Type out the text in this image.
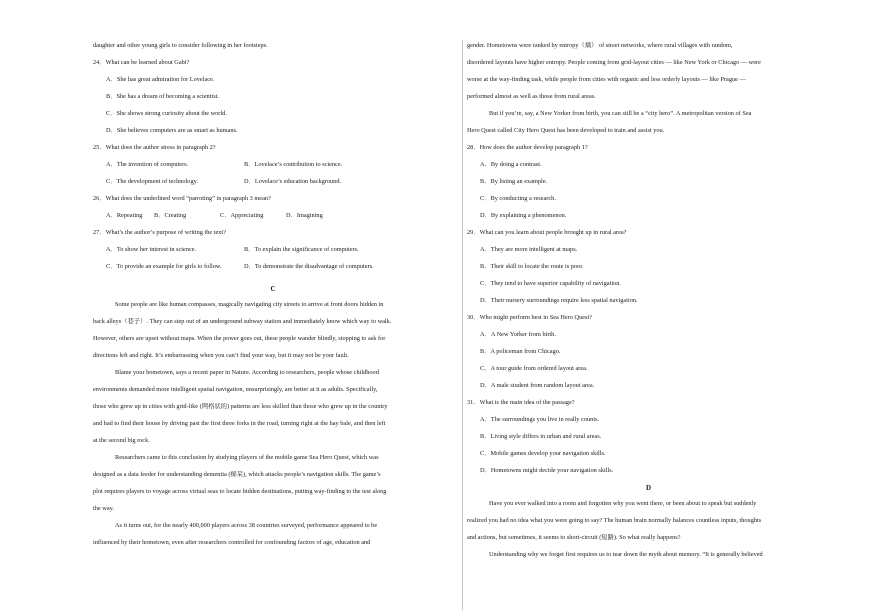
daughter and other young girls to consider following in her footsteps.

24．What can be learned about Gabi?

A．She has great admiration for Lovelace.

B．She has a dream of becoming a scientist.

C．She shows strong curiosity about the world.

D．She believes computers are as smart as humans.

25．What does the author stress in paragraph 2?

A．The invention of computers.	B．Lovelace’s contribution to science.
C．The development of technology.	D．Lovelace’s education background.

26．What does the underlined word “parroting” in paragraph 3 mean?

A．Repeating	B．Creating	C．Appreciating	D．Imagining

27．What’s the author’s purpose of writing the text?

A．To show her interest in science.	B．To explain the significance of computers.
C．To provide an example for girls to follow.	D．To demonstrate the disadvantage of computers.
C
Some people are like human compasses, magically navigating city streets to arrive at front doors hidden in
back alleys（巷子）. They can step out of an underground subway station and immediately know which way to walk.
However, others are upset without maps. When the power goes out, these people wander blindly, stopping to ask for
directions left and right. It’s embarrassing when you can’t find your way, but it may not be your fault.
Blame your hometown, says a recent paper in Nature. According to researchers, people whose childhood
environments demanded more intelligent spatial navigation, unsurprisingly, are better at it as adults. Specifically,
those who grew up in cities with grid-like (网格状的) patterns are less skilled than those who grew up in the country
and had to find their house by driving past the first three forks in the road, turning right at the hay bale, and then left
at the second big rock.
Researchers came to this conclusion by studying players of the mobile game Sea Hero Quest, which was
designed as a data feeder for understanding dementia (痴呆), which attacks people’s navigation skills. The game’s
plot requires players to voyage across virtual seas to locate hidden destinations, putting way-finding to the test along
the way.
As it turns out, for the nearly 400,000 players across 38 countries surveyed, performance appeared to be
influenced by their hometown, even after researchers controlled for confounding factors of age, education and
gender. Hometowns were ranked by entropy（熵） of street networks, where rural villages with random,
disordered layouts have higher entropy. People coming from grid-layout cities — like New York or Chicago — were
worse at the way-finding task, while people from cities with organic and less orderly layouts — like Prague —
performed almost as well as those from rural areas.
But if you’re, say, a New Yorker from birth, you can still be a “city hero”. A metropolitan version of Sea
Hero Quest called City Hero Quest has been developed to train and assist you.

28．How does the author develop paragraph 1?

A．By doing a contrast.

B．By listing an example.

C．By conducting a research.

D．By explaining a phenomenon.

29．What can you learn about people brought up in rural area?

A．They are more intelligent at maps.

B．Their skill to locate the route is poor.

C．They tend to have superior capability of navigation.

D．Their nursery surroundings require less spatial navigation.

30．Who might perform best in Sea Hero Quest?

A．A New Yorker from birth.

B．A policeman from Chicago.

C．A tour guide from ordered layout area.

D．A male student from random layout area.

31．What is the main idea of the passage?

A．The surroundings you live in really counts.

B．Living style differs in urban and rural areas.

C．Mobile games develop your navigation skills.

D．Hometowns might decide your navigation skills.

D
Have you ever walked into a room and forgotten why you went there, or been about to speak but suddenly
realized you had no idea what you were going to say? The human brain normally balances countless inputs, thoughts
and actions, but sometimes, it seems to short-circuit (短路). So what really happens?
Understanding why we forget first requires us to tear down the myth about memory. “It is generally believed
